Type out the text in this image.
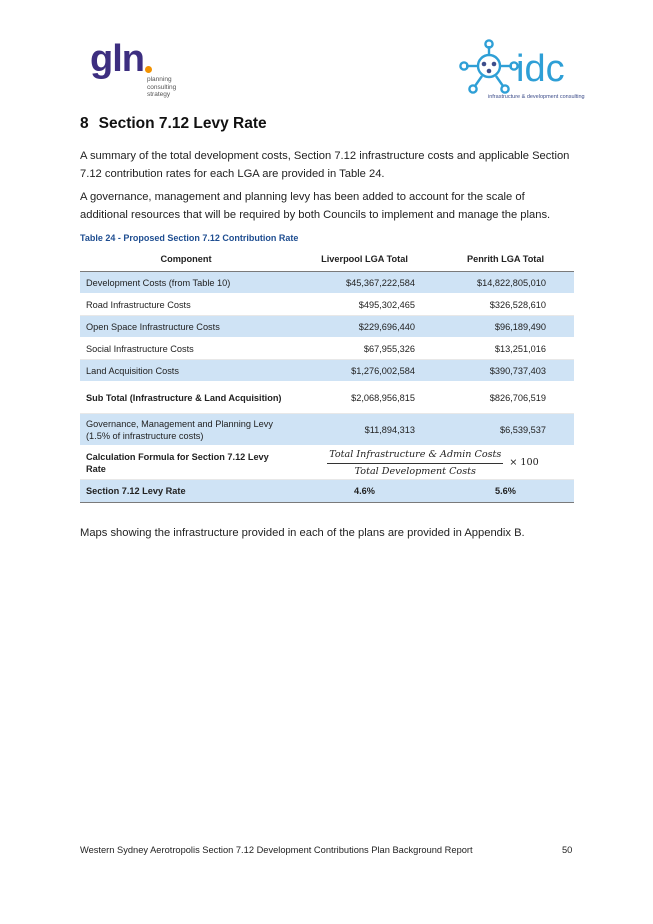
gln planning
consulting
strategy
idc
infrastructure & development consulting
8 Section 7.12 Levy Rate
A summary of the total development costs, Section 7.12 infrastructure costs and applicable Section 7.12 contribution rates for each LGA are provided in Table 24.
A governance, management and planning levy has been added to account for the scale of additional resources that will be required by both Councils to implement and manage the plans.
Table 24 - Proposed Section 7.12 Contribution Rate
Component	Liverpool LGA Total	Penrith LGA Total
Development Costs (from Table 10)	$45,367,222,584	$14,822,805,010
Road Infrastructure Costs	$495,302,465	$326,528,610
Open Space Infrastructure Costs	$229,696,440	$96,189,490
Social Infrastructure Costs	$67,955,326	$13,251,016
Land Acquisition Costs	$1,276,002,584	$390,737,403
Sub Total (Infrastructure & Land Acquisition)	$2,068,956,815	$826,706,519
Governance, Management and Planning Levy (1.5% of infrastructure costs)	$11,894,313	$6,539,537
Calculation Formula for Section 7.12 Levy Rate	Total Infrastructure & Admin Costs
Total Development Costs
× 100	

Section 7.12 Levy Rate	4.6%	5.6%
Maps showing the infrastructure provided in each of the plans are provided in Appendix B.
Western Sydney Aerotropolis Section 7.12 Development Contributions Plan Background Report	50
